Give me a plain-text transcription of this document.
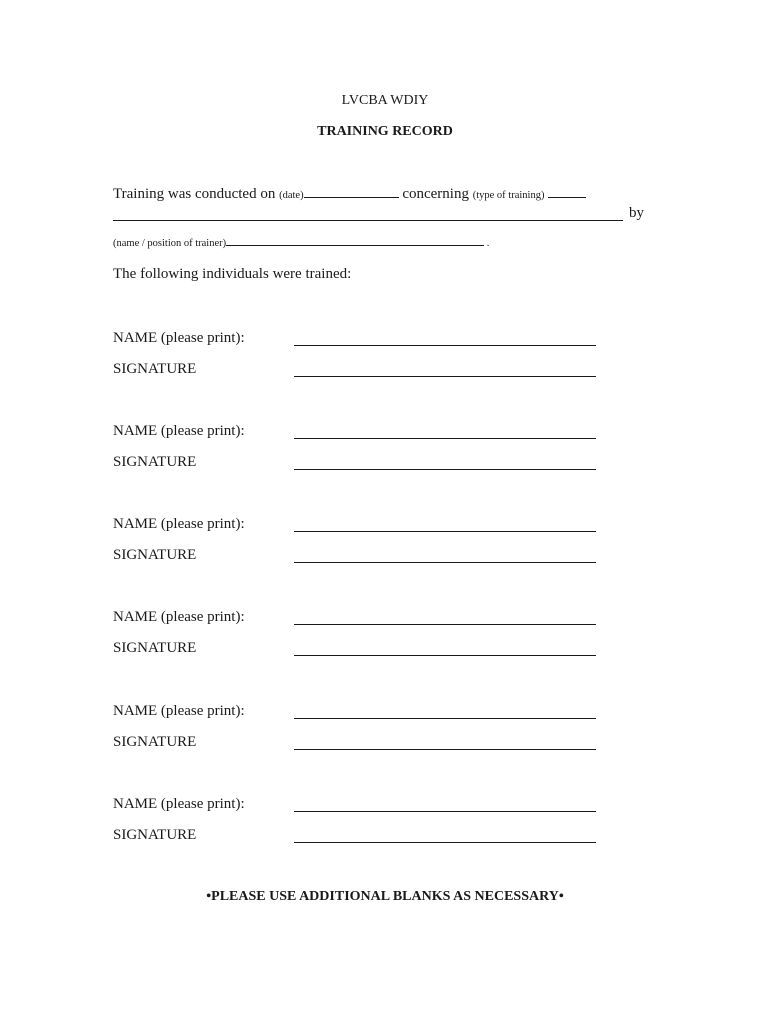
LVCBA WDIY
TRAINING RECORD
Training was conducted on (date)	concerning (type of training)
by
(name / position of trainer)	.
The following individuals were trained:
NAME (please print):
SIGNATURE
NAME (please print):
SIGNATURE
NAME (please print):
SIGNATURE
NAME (please print):
SIGNATURE
NAME (please print):
SIGNATURE
NAME (please print):
SIGNATURE
•PLEASE USE ADDITIONAL BLANKS AS NECESSARY•
